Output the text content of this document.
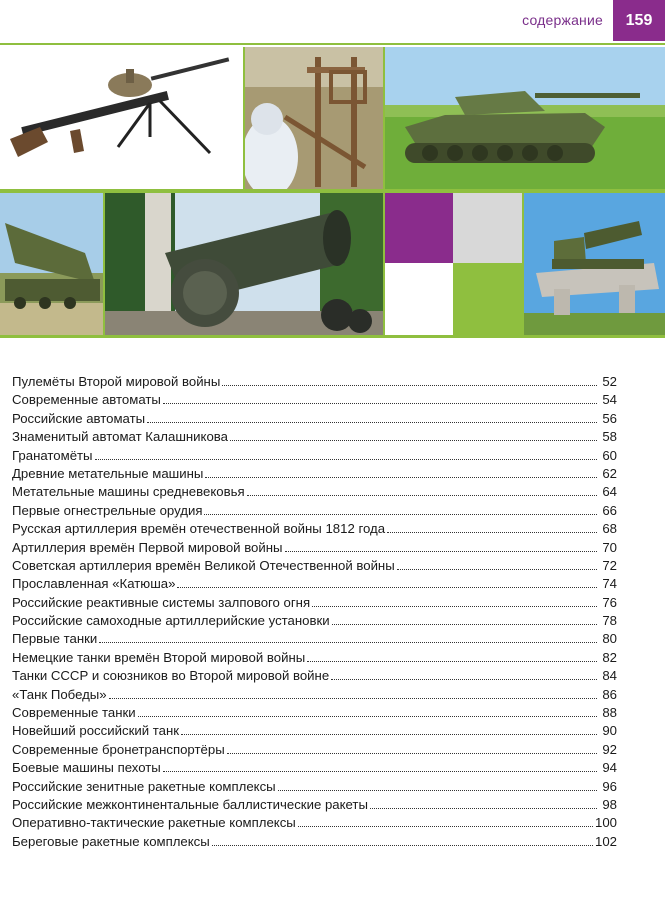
содержание	159
Пулемёты Второй мировой войны	52
Современные автоматы	54
Российские автоматы	56
Знаменитый автомат Калашникова	58
Гранатомёты	60
Древние метательные машины	62
Метательные машины средневековья	64
Первые огнестрельные орудия	66
Русская артиллерия времён отечественной войны 1812 года	68
Артиллерия времён Первой мировой войны	70
Советская артиллерия времён Великой Отечественной войны	72
Прославленная «Катюша»	74
Российские реактивные системы залпового огня	76
Российские самоходные артиллерийские установки	78
Первые танки	80
Немецкие танки времён Второй мировой войны	82
Танки СССР и союзников во Второй мировой войне	84
«Танк Победы»	86
Современные танки	88
Новейший российский танк	90
Современные бронетранспортёры	92
Боевые машины пехоты	94
Российские зенитные ракетные комплексы	96
Российские межконтинентальные баллистические ракеты	98
Оперативно-тактические ракетные комплексы	100
Береговые ракетные комплексы	102
